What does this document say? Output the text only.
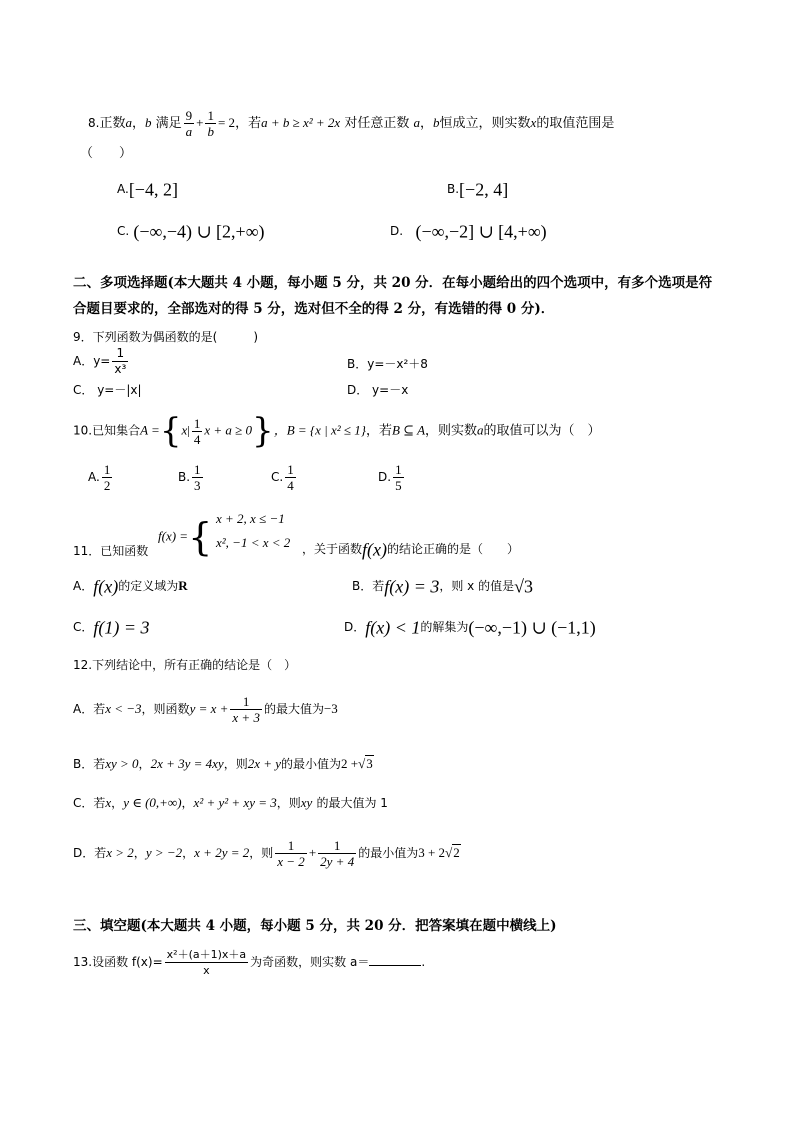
8.正数a，b 满足 $\frac{9}{a} + \frac{1}{b} = 2$，若a + b ≥ x² + 2x 对任意正数 a，b恒成立，则实数x的取值范围是
（　　）
A.[−4, 2]	B.[−2, 4]
C. (−∞,−4) ∪ [2,+∞)	D. (−∞,−2] ∪ [4,+∞)
二、多项选择题(本大题共 4 小题，每小题 5 分，共 20 分．在每小题给出的四个选项中，有多个选项是符
合题目要求的，全部选对的得 5 分，选对但不全的得 2 分，有选错的得 0 分)．
9．下列函数为偶函数的是(　　　)
A．$y= \frac{1}{\text{x³}}$	B．y=－x²＋8
C． y=－|x|	D． y=－x
10.已知集合$A =\{x| \frac{1}{4}$ x + a ≥ 0}，B = {x | x² ≤ 1}，若B ⊆ A，则实数a的取值可以为（　）
A. $\frac{1}{2}$	B. $\frac{1}{3}$	C. $\frac{1}{4}$	D. $\frac{1}{5}$
f(x) ={ x + 2, x ≤ −1
x², −1 < x < 2
11．已知函数	，关于函数f(x)的结论正确的是（　　）
A．f(x)的定义域为R	B．若f(x) = 3，则 x 的值是√3
C．f(1) = 3	D．f(x) < 1的解集为(−∞,−1) ∪ (−1,1)
12.下列结论中，所有正确的结论是（　）
A．若x < −3，则函数$y = x + \frac{1}{x + 3}$ 的最大值为−3
B．若xy > 0，2x + 3y = 4xy，则2x + y的最小值为2 +√3
C．若x，y ∈ (0,+∞)，x² + y² + xy = 3，则xy 的最大值为 1
D．若x > 2，y > −2，x + 2y = 2，则 $\frac{1}{x - 2} + \frac{1}{2y + 4}$ 的最小值为3 + 2√2
三、填空题(本大题共 4 小题，每小题 5 分，共 20 分．把答案填在题中横线上)
13.设函数 $f(x)= \frac{\text{x²＋(a＋1)x＋a}}{x}$ 为奇函数，则实数 a＝	.
